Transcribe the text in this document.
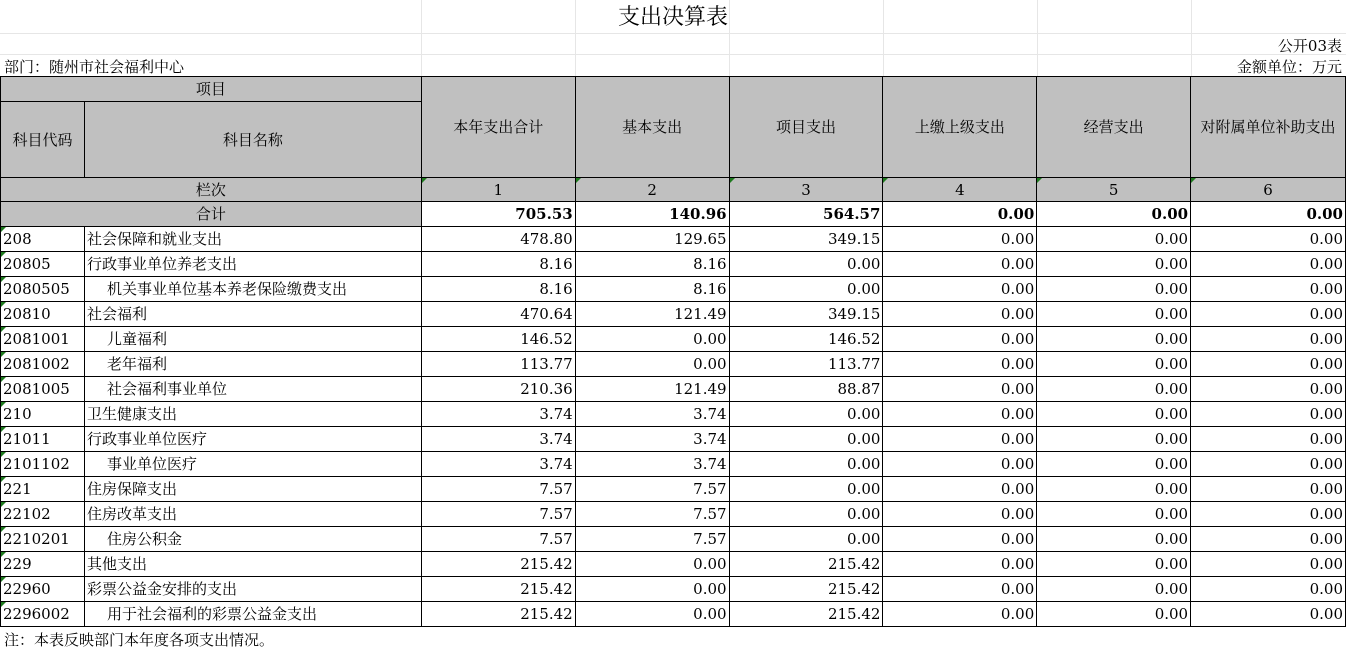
支出决算表
公开03表
部门：随州市社会福利中心	金额单位：万元
项目		本年支出合计	基本支出	项目支出	上缴上级支出	经营支出	对附属单位补助支出
科目代码	科目名称						
栏次		1	2	3	4	5	6
合计		705.53	140.96	564.57	0.00	0.00	0.00

208	社会保障和就业支出	478.80	129.65	349.15	0.00	0.00	0.00

20805	行政事业单位养老支出	8.16	8.16	0.00	0.00	0.00	0.00

2080505	机关事业单位基本养老保险缴费支出	8.16	8.16	0.00	0.00	0.00	0.00

20810	社会福利	470.64	121.49	349.15	0.00	0.00	0.00

2081001	儿童福利	146.52	0.00	146.52	0.00	0.00	0.00

2081002	老年福利	113.77	0.00	113.77	0.00	0.00	0.00

2081005	社会福利事业单位	210.36	121.49	88.87	0.00	0.00	0.00

210	卫生健康支出	3.74	3.74	0.00	0.00	0.00	0.00

21011	行政事业单位医疗	3.74	3.74	0.00	0.00	0.00	0.00

2101102	事业单位医疗	3.74	3.74	0.00	0.00	0.00	0.00

221	住房保障支出	7.57	7.57	0.00	0.00	0.00	0.00

22102	住房改革支出	7.57	7.57	0.00	0.00	0.00	0.00

2210201	住房公积金	7.57	7.57	0.00	0.00	0.00	0.00

229	其他支出	215.42	0.00	215.42	0.00	0.00	0.00

22960	彩票公益金安排的支出	215.42	0.00	215.42	0.00	0.00	0.00

2296002	用于社会福利的彩票公益金支出	215.42	0.00	215.42	0.00	0.00	0.00
注：本表反映部门本年度各项支出情况。
